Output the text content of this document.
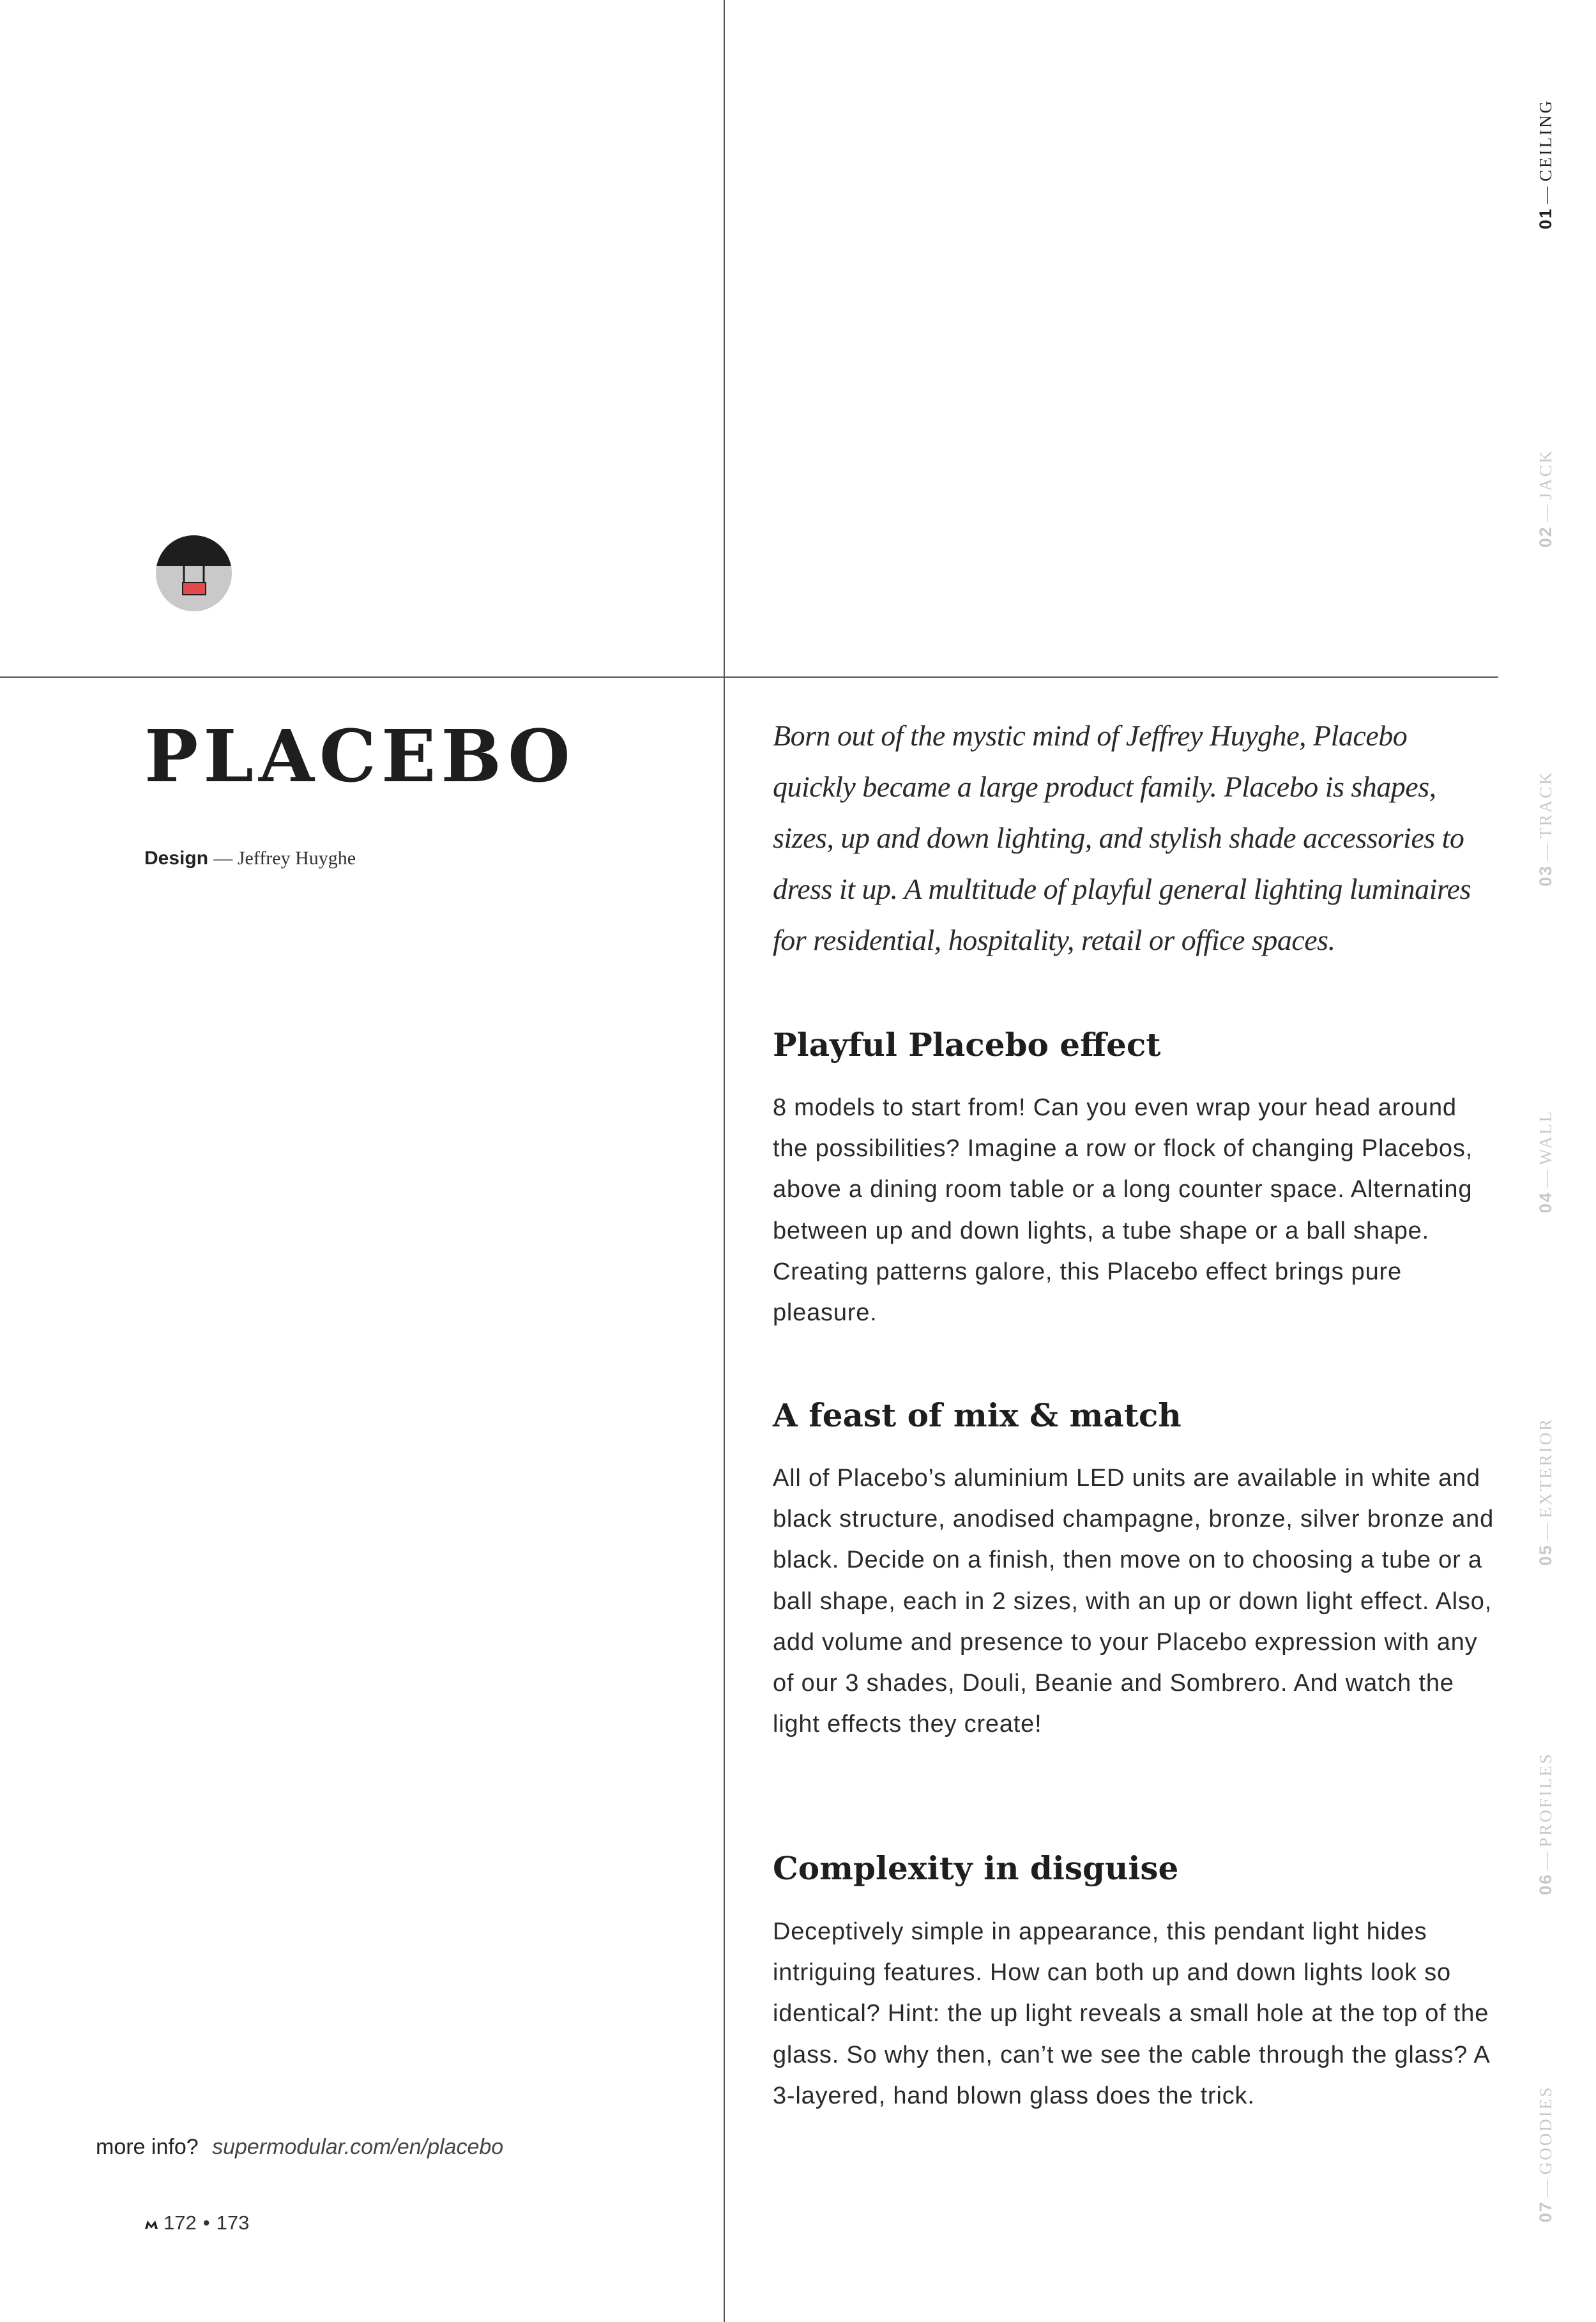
PLACEBO
Design — Jeffrey Huyghe

Born out of the mystic mind of Jeffrey Huyghe, Placebo quickly became a large product family. Placebo is shapes, sizes, up and down lighting, and stylish shade accessories to dress it up. A multitude of playful general lighting luminaires for residential, hospitality, retail or office spaces.

Playful Placebo effect

8 models to start from! Can you even wrap your head around the possibilities? Imagine a row or flock of changing Placebos, above a dining room table or a long counter space. Alternating between up and down lights, a tube shape or a ball shape. Creating patterns galore, this Placebo effect brings pure pleasure.

A feast of mix & match

All of Placebo’s aluminium LED units are available in white and black structure, anodised champagne, bronze, silver bronze and black. Decide on a finish, then move on to choosing a tube or a ball shape, each in 2 sizes, with an up or down light effect. Also, add volume and presence to your Placebo expression with any of our 3 shades, Douli, Beanie and Sombrero. And watch the light effects they create!

Complexity in disguise

Deceptively simple in appearance, this pendant light hides intriguing features. How can both up and down lights look so identical? Hint: the up light reveals a small hole at the top of the glass. So why then, can’t we see the cable through the glass? A 3-layered, hand blown glass does the trick.

more info? supermodular.com/en/placebo
172 • 173
01—CEILING
02—JACK
03—TRACK
04—WALL
05—EXTERIOR
06—PROFILES
07—GOODIES
